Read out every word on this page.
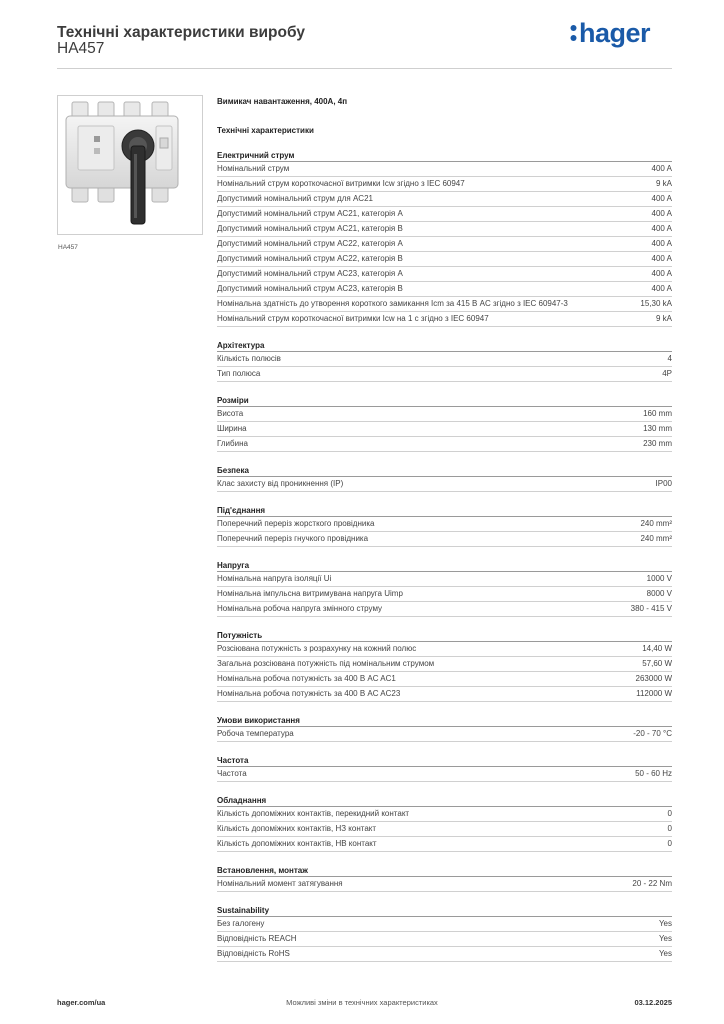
Технічні характеристики виробу
HA457
hager
HA457
Вимикач навантаження, 400A, 4п
Технічні характеристики
Електричний струм
Номінальний струм	400 A
Номінальний струм короткочасної витримки Icw згідно з IEC 60947	9 kA
Допустимий номінальний струм для AC21	400 A
Допустимий номінальний струм AC21, категорія A	400 A
Допустимий номінальний струм AC21, категорія B	400 A
Допустимий номінальний струм AC22, категорія A	400 A
Допустимий номінальний струм AC22, категорія B	400 A
Допустимий номінальний струм AC23, категорія A	400 A
Допустимий номінальний струм AC23, категорія B	400 A
Номінальна здатність до утворення короткого замикання Icm за 415 В AC згідно з IEC 60947-3	15,30 kA
Номінальний струм короткочасної витримки Icw на 1 с згідно з IEC 60947	9 kA
Архітектура
Кількість полюсів	4
Тип полюса	4P
Розміри
Висота	160 mm
Ширина	130 mm
Глибина	230 mm
Безпека
Клас захисту від проникнення (IP)	IP00
Під'єднання
Поперечний переріз жорсткого провідника	240 mm²
Поперечний переріз гнучкого провідника	240 mm²
Напруга
Номінальна напруга ізоляції Ui	1000 V
Номінальна імпульсна витримувана напруга Uimp	8000 V
Номінальна робоча напруга змінного струму	380 - 415 V
Потужність
Розсіювана потужність з розрахунку на кожний полюс	14,40 W
Загальна розсіювана потужність під номінальним струмом	57,60 W
Номінальна робоча потужність за 400 В AC AC1	263000 W
Номінальна робоча потужність за 400 В AC AC23	112000 W
Умови використання
Робоча температура	-20 - 70 °C
Частота
Частота	50 - 60 Hz
Обладнання
Кількість допоміжних контактів, перекидний контакт	0
Кількість допоміжних контактів, НЗ контакт	0
Кількість допоміжних контактів, НВ контакт	0
Встановлення, монтаж
Номінальний момент затягування	20 - 22 Nm
Sustainability
Без галогену	Yes
Відповідність REACH	Yes
Відповідність RoHS	Yes
hager.com/ua	Можливі зміни в технічних характеристиках	03.12.2025
